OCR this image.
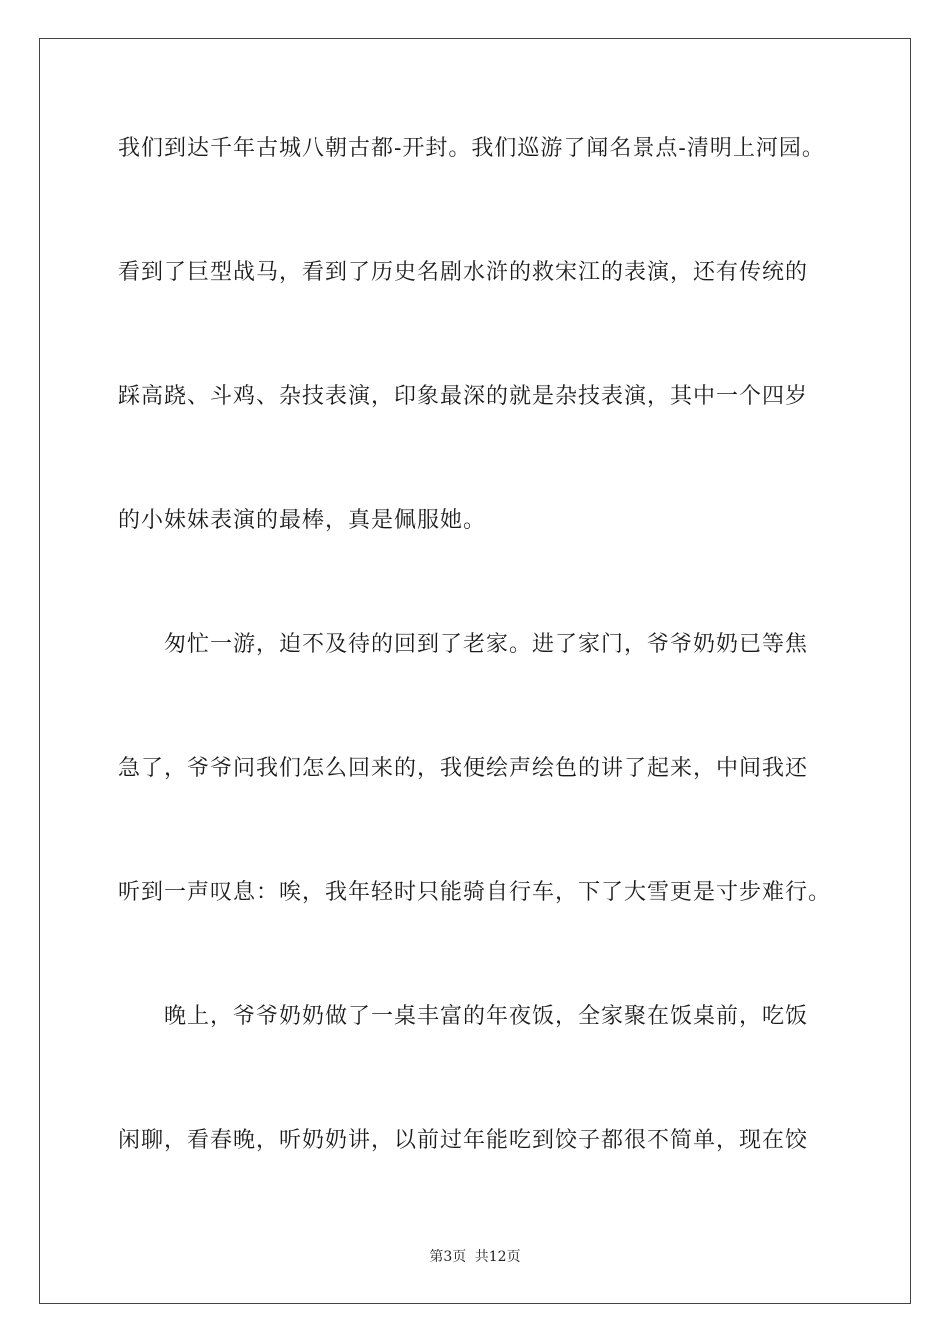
我们到达千年古城八朝古都-开封。我们巡游了闻名景点-清明上河园。
看到了巨型战马，看到了历史名剧水浒的救宋江的表演，还有传统的
踩高跷、斗鸡、杂技表演，印象最深的就是杂技表演，其中一个四岁
的小妹妹表演的最棒，真是佩服她。
　　匆忙一游，迫不及待的回到了老家。进了家门，爷爷奶奶已等焦
急了，爷爷问我们怎么回来的，我便绘声绘色的讲了起来，中间我还
听到一声叹息：唉，我年轻时只能骑自行车，下了大雪更是寸步难行。
　　晚上，爷爷奶奶做了一桌丰富的年夜饭，全家聚在饭桌前，吃饭
闲聊，看春晚，听奶奶讲，以前过年能吃到饺子都很不简单，现在饺
第3页 共12页
